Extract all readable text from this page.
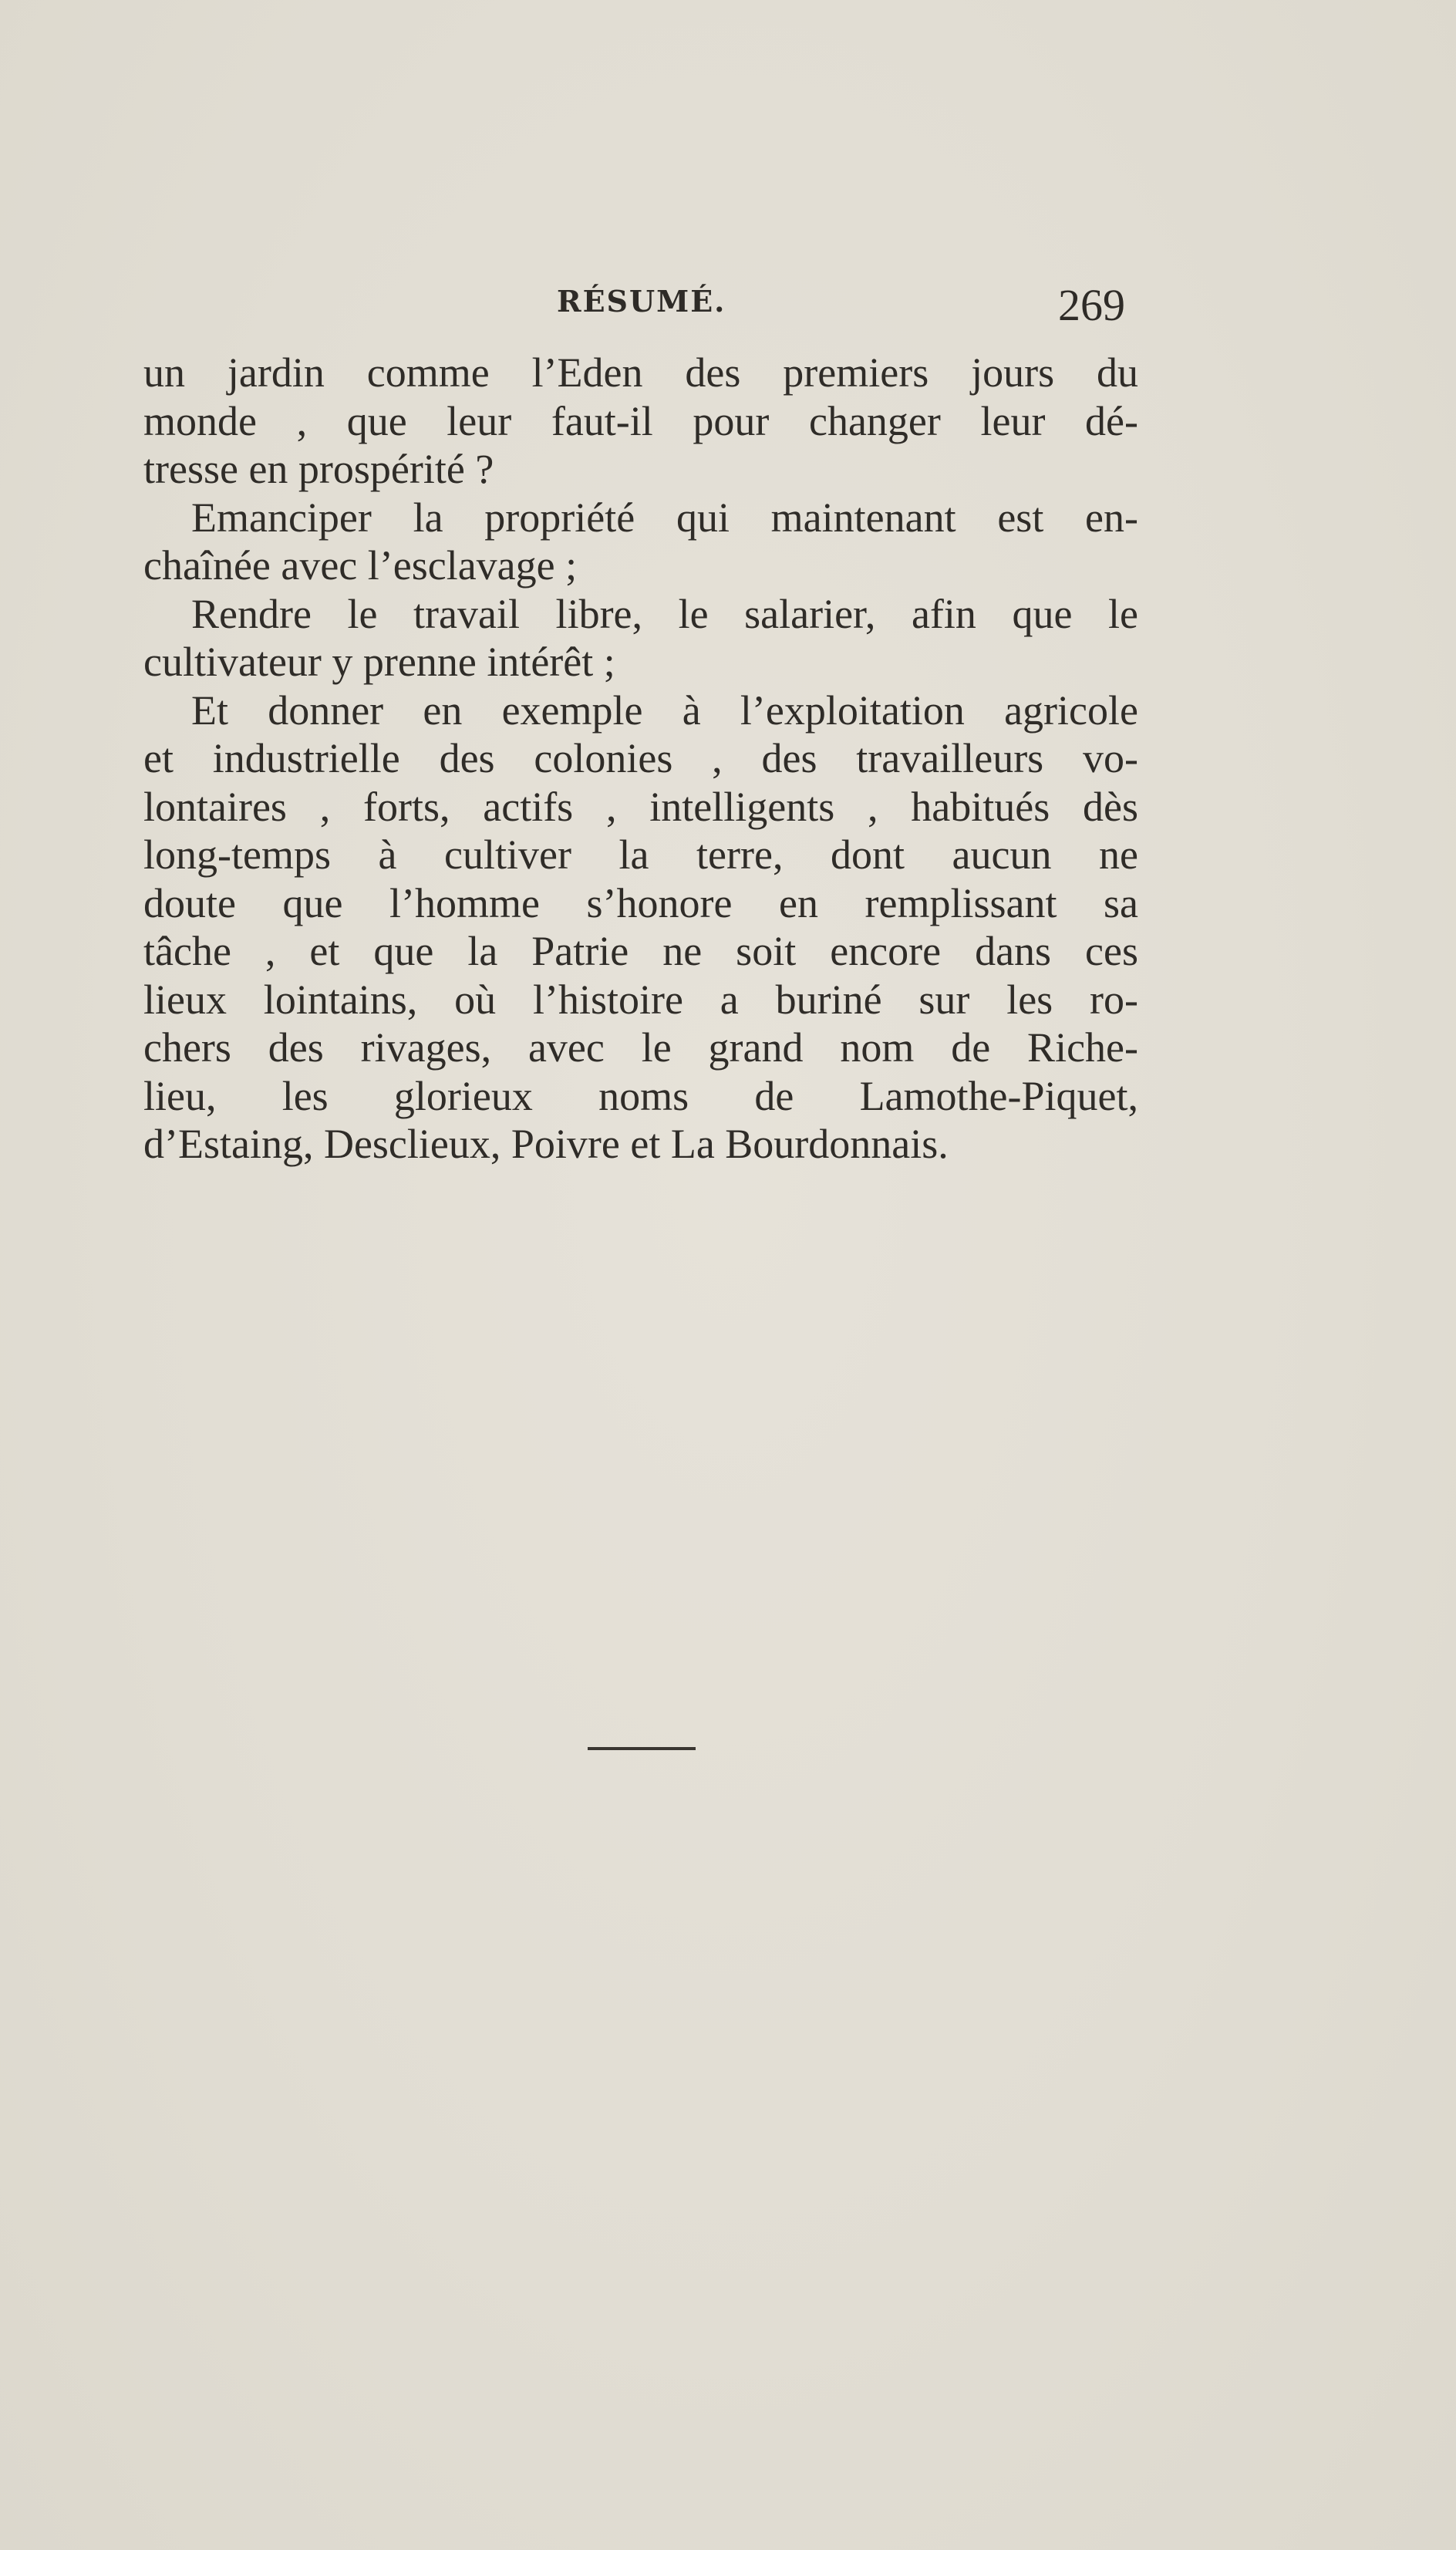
RÉSUMÉ.	269
un jardin comme l’Eden des premiers jours du
monde , que leur faut-il pour changer leur dé-
tresse en prospérité ?
Emanciper la propriété qui maintenant est en-
chaînée avec l’esclavage ;
Rendre le travail libre, le salarier, afin que le
cultivateur y prenne intérêt ;
Et donner en exemple à l’exploitation agricole
et industrielle des colonies , des travailleurs vo-
lontaires , forts, actifs , intelligents , habitués dès
long-temps à cultiver la terre, dont aucun ne
doute que l’homme s’honore en remplissant sa
tâche , et que la Patrie ne soit encore dans ces
lieux lointains, où l’histoire a buriné sur les ro-
chers des rivages, avec le grand nom de Riche-
lieu, les glorieux noms de Lamothe-Piquet,
d’Estaing, Desclieux, Poivre et La Bourdonnais.
